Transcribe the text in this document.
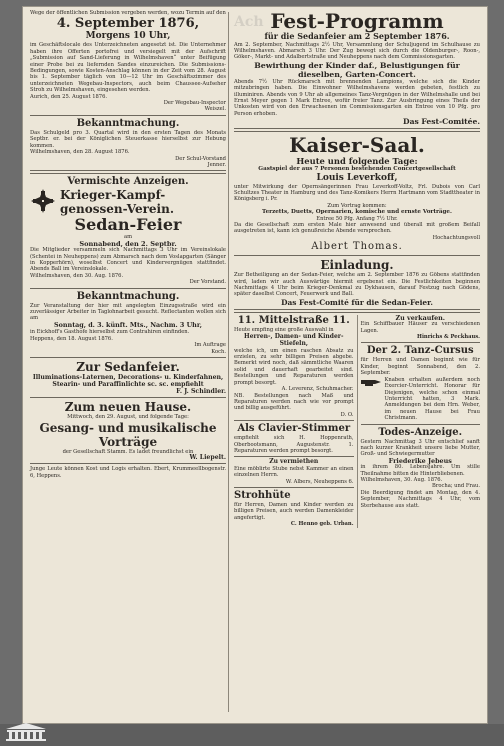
Wege der öffentlichen Submission vergeben werden, wozu Termin auf den

4. September 1876,

Morgens 10 Uhr,

im Geschäftslocale des Unterzeichneten angesetzt ist. Die Unternehmer haben ihre Offerten portofrei und versiegelt mit der Aufschrift „Submission auf Sand-Lieferung in Wilhelmshaven“ unter Beifügung einer Probe bei zu liefernden Sandes einzureichen. Die Submissions-Bedingungen, sowie Kosten-Anschlag können in der Zeit vom 28. August bis 1. September täglich von 10—12 Uhr im Geschäftszimmer des unterzeichneten Wegebau-Inspectors, auch beim Chaussee-Aufseher Stroh zu Wilhelmshaven, eingesehen werden.

Aurich, den 25. August 1876.

Der Wegebau-Inspector

Weiszel.

Bekanntmachung.

Das Schulgeld pro 3. Quartal wird in den ersten Tagen des Monats Septbr. er. bei der Königlichen Steuerkasse hierselbst zur Hebung kommen.

Wilhelmshaven, den 28. August 1876.

Der Schul-Vorstand

Jenner.

Vermischte Anzeigen.

Krieger-Kampf-

genossen-Verein.

Sedan-Feier

am

Sonnabend, den 2. Septbr.

Die Mitglieder versammeln sich Nachmittags 3 Uhr im Vereinslokale (Schentei in Neuheppens) zum Abmarsch nach dem Voslapgarten (Sänger in Kopperhörn), woselbst Concert und Kindervergnügen stattfindet. Abends Ball im Vereinslokale.

Wilhelmshaven, den 30. Aug. 1876.

Der Vorstand.

Bekanntmachung.

Zur Veranstaltung der hier mit angelegten Einzugsstraße wird ein zuverlässiger Arbeiter in Taglohnarbeit gesucht. Reflectanten wollen sich am

Sonntag, d. 3. künft. Mts., Nachm. 3 Uhr,

in Eickhoff's Gasthofe hierselbst zum Contrahiren einfinden.

Heppens, den 18. August 1876.

Im Auftrage

Koch.

Zur Sedanfeier.

Illuminations-Laternen, Decorations- u. Kinderfahnen, Stearin- und Paraffinlichte sc. sc. empfiehlt

F. J. Schindler.

Zum neuen Hause.

Mittwoch, den 29. August, und folgende Tage:

Gesang- und musikalische Vorträge

der Gesellschaft Stamm. Es ladet freundlichst ein

W. Liepelt.

Junge Leute können Kost und Logis erhalten. Ebert, Krummeellbogenstr. 6, Heppens.

Ach Fest-Programm

für die Sedanfeier am 2 September 1876.

Am 2. September, Nachmittags 2½ Uhr, Versammlung der Schuljugend im Schulhause zu Wilhelmshaven. Abmarsch 3 Uhr. Der Zug bewegt sich durch die Oldenburger-, Roon-, Göker-, Markt- und Adalbertstraße und Neuheppens nach dem Commissionsgarten.

Bewirthung der Kinder daf., Belustigungen für dieselben, Garten-Concert.

Abends 7½ Uhr Rückmarsch mit brennenden Lampions, welche sich die Kinder mitzubringen haben. Die Einwohner Wilhelmshavens werden gebeten, festlich zu illuminiren. Abends von 9 Uhr ab allgemeines Tanz-Vergnügen in der Wilhelmshalle und bei Ernst Meyer gegen 1 Mark Entree, wofür freier Tanz. Zur Ausbringung eines Theils der Unkosten wird von den Erwachsenen im Commissionsgarten ein Entree von 10 Pfg. pro Person erhoben.

Das Fest-Comitée.

Kaiser-Saal.

Heute und folgende Tage:

Gastspiel der aus 7 Personen bestehenden Concertgesellschaft

Louis Leverkoff,

unter Mitwirkung der Opernsängerinnen Frau Leverkoff-Voltz, Frl. Dubois von Carl Schultzes Theater in Hamburg und des Tanz-Komikers Herrn Hartmann vom Stadttheater in Königsberg i. Pr.

Zum Vortrag kommen:

Terzetts, Duetts, Opernarien, komische und ernste Vorträge.

Entree 50 Pfg. Anfang 7½ Uhr.

Da die Gesellschaft zum ersten Male hier anwesend und überall mit großem Beifall ausgetreten ist, kann ich genußreiche Abende versprechen.

Hochachtungsvoll

Albert Thomas.

Einladung.

Zur Betheiligung an der Sedan-Feier, welche am 2. September 1876 zu Göbens stattfinden wird, laden wir auch Auswärtige hiermit ergebenst ein. Die Festlichkeiten beginnen Nachmittags 4 Uhr beim Krieger-Denkmal zu Dykhausen, darauf Festzug nach Gödens, später daselbst Concert, Feuerwerk und Ball.

Das Fest-Comité für die Sedan-Feier.

11. Mittelstraße 11.

Heute empfing eine große Auswahl in

Herren-, Damen- und Kinder-Stiefeln,

welche ich, um einen raschen Absatz zu erzielen, zu sehr billigen Preisen abgebe. Bemerkt wird noch, daß sämmtliche Waaren solid und dauerhaft gearbeitet sind. Bestellungen und Reparaturen werden prompt besorgt.

A. Leverenz, Schuhmacher.

NB. Bestellungen nach Maß und Reparaturen werden nach wie vor prompt und billig ausgeführt.

D. O.

Als Clavier-Stimmer

empfiehlt sich H. Hoppenrath, Oberbootsmann, Augustenstr. 1. Reparaturen werden prompt besorgt.

Zu vermiethen

Eine möblirte Stube nebst Kammer an einen einzelnen Herrn.

W. Albers, Neuheppens 6.

Strohhüte

für Herren, Damen und Kinder werden zu billigen Preisen, auch werden Damenkleider angefertigt.

C. Henno geb. Urban.

Zu verkaufen.

Ein Schiffbauer Häuser zu verschiedenen Lagen.

Hinrichs & Peckhaus.

Der 2. Tanz-Cursus

für Herren und Damen beginnt wie für Kinder, beginnt Sonnabend, den 2. September.

Knaben erhalten außerdem noch Exercier-Unterricht. Honorar für Diejenigen, welche schon einmal Unterricht hatten, 3 Mark. Anmeldungen bei dem Hrn. Weber, im neuen Hause bei Frau Christmann.

Todes-Anzeige.

Gestern Nachmittag 3 Uhr entschlief sanft nach kurzer Krankheit unsere liebe Mutter, Groß- und Schwiegermutter

Friederike Jebeus

in ihrem 80. Lebensjahre. Um stille Theilnahme bitten die Hinterbliebenen.

Wilhelmshaven, 30. Aug. 1876.

Brocha; und Frau.

Die Beerdigung findet am Montag, den 4. September, Nachmittags 4 Uhr, vom Sterbehause aus statt.
